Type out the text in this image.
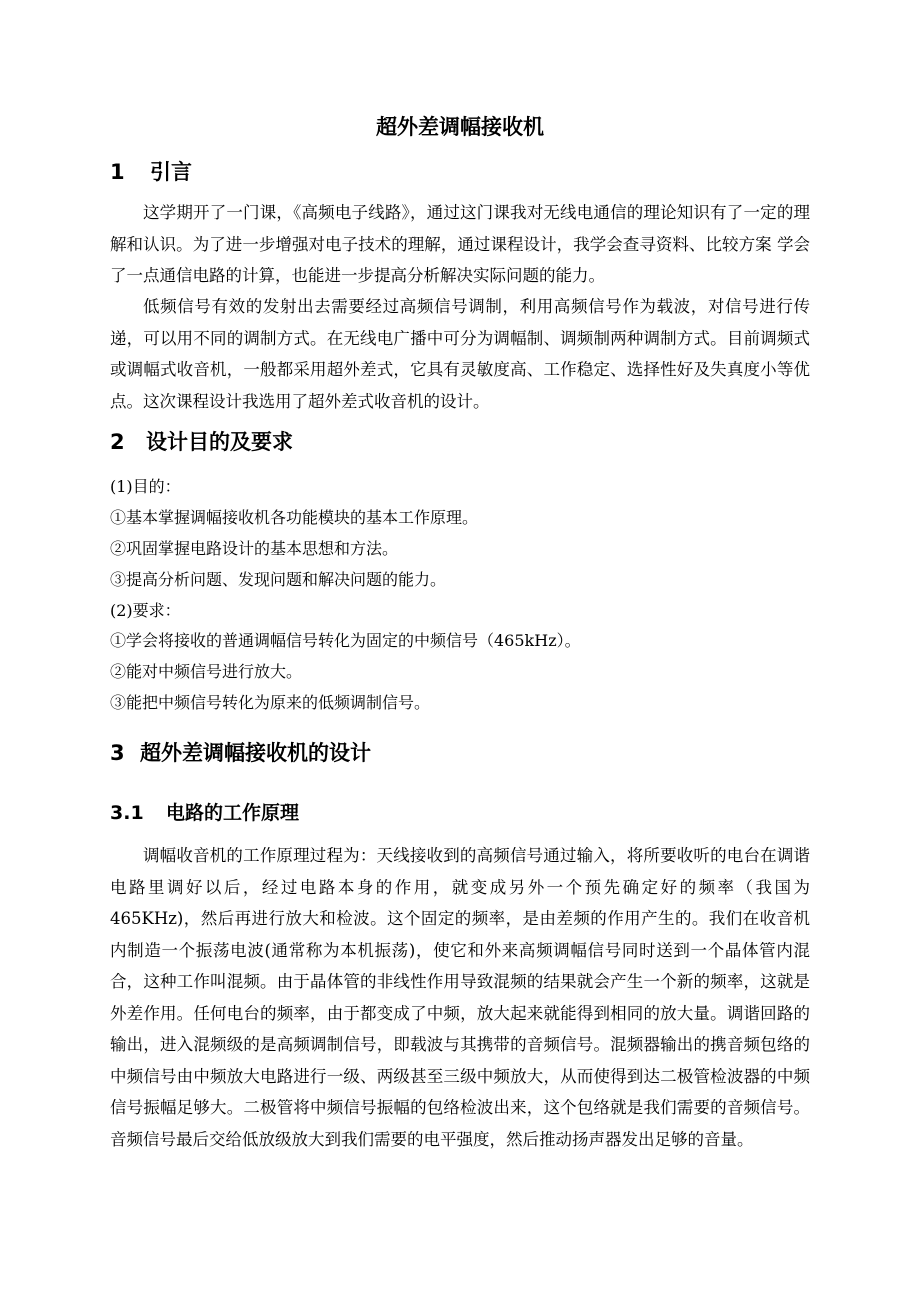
超外差调幅接收机
1 引言

这学期开了一门课，《高频电子线路》，通过这门课我对无线电通信的理论知识有了一定的理解和认识。为了进一步增强对电子技术的理解，通过课程设计，我学会查寻资料、比较方案 学会了一点通信电路的计算，也能进一步提高分析解决实际问题的能力。

低频信号有效的发射出去需要经过高频信号调制，利用高频信号作为载波，对信号进行传递，可以用不同的调制方式。在无线电广播中可分为调幅制、调频制两种调制方式。目前调频式或调幅式收音机，一般都采用超外差式，它具有灵敏度高、工作稳定、选择性好及失真度小等优点。这次课程设计我选用了超外差式收音机的设计。

2 设计目的及要求
(1)目的：
①基本掌握调幅接收机各功能模块的基本工作原理。
②巩固掌握电路设计的基本思想和方法。
③提高分析问题、发现问题和解决问题的能力。
(2)要求：
①学会将接收的普通调幅信号转化为固定的中频信号（465kHz）。
②能对中频信号进行放大。
③能把中频信号转化为原来的低频调制信号。
3 超外差调幅接收机的设计
3.1 电路的工作原理

调幅收音机的工作原理过程为：天线接收到的高频信号通过输入，将所要收听的电台在调谐电路里调好以后，经过电路本身的作用，就变成另外一个预先确定好的频率（我国为465KHz)，然后再进行放大和检波。这个固定的频率，是由差频的作用产生的。我们在收音机内制造一个振荡电波(通常称为本机振荡)，使它和外来高频调幅信号同时送到一个晶体管内混合，这种工作叫混频。由于晶体管的非线性作用导致混频的结果就会产生一个新的频率，这就是外差作用。任何电台的频率，由于都变成了中频，放大起来就能得到相同的放大量。调谐回路的输出，进入混频级的是高频调制信号，即载波与其携带的音频信号。混频器输出的携音频包络的中频信号由中频放大电路进行一级、两级甚至三级中频放大，从而使得到达二极管检波器的中频信号振幅足够大。二极管将中频信号振幅的包络检波出来，这个包络就是我们需要的音频信号。音频信号最后交给低放级放大到我们需要的电平强度，然后推动扬声器发出足够的音量。
